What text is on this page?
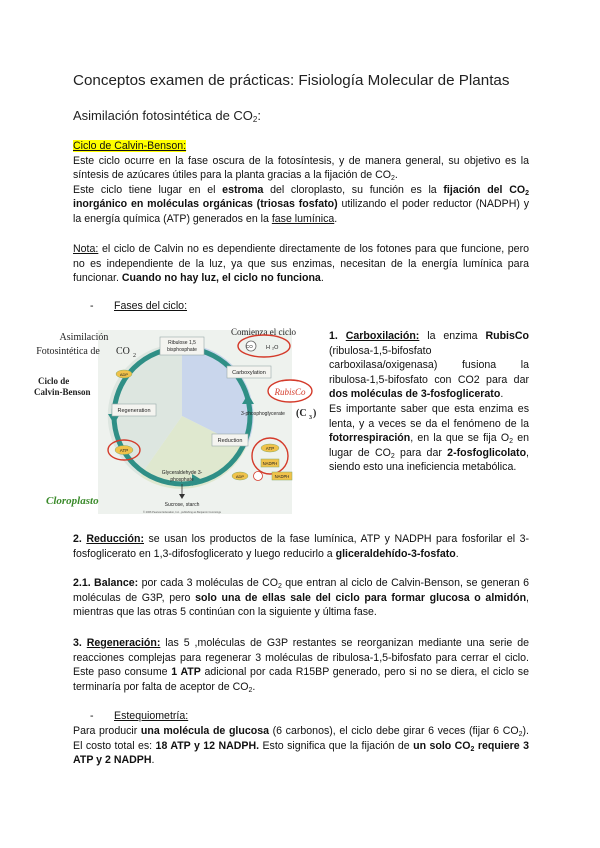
Conceptos examen de prácticas: Fisiología Molecular de Plantas
Asimilación fotosintética de $CO_2$:
Ciclo de Calvin-Benson:
Este ciclo ocurre en la fase oscura de la fotosíntesis, y de manera general, su objetivo es la síntesis de azúcares útiles para la planta gracias a la fijación de $CO_2$.
Este ciclo tiene lugar en el estroma del cloroplasto, su función es la fijación del $CO_2$ inorgánico en moléculas orgánicas (triosas fosfato) utilizando el poder reductor (NADPH) y la energía química (ATP) generados en la fase lumínica.
Nota: el ciclo de Calvin no es dependiente directamente de los fotones para que funcione, pero no es independiente de la luz, ya que sus enzimas, necesitan de la energía lumínica para funcionar. Cuando no hay luz, el ciclo no funciona.
- Fases del ciclo:
Asimilación
Fotosintética de CO 2
Ciclo de
Calvin-Benson
Comienza el ciclo
CO H ₂O
Ribulose 1,5
bisphosphate
Carboxylation
RubisCo
3-phosphoglycerate (C 3 )
Regeneration
ADP
ATP
Reduction
ATP
NADPH
Glyceraldehyde 3-
phosphate
Sucrose, starch
ADP	NADPH
Cloroplasto
© 2006 Pearson Education, Inc., publishing as Benjamin Cummings

1. Carboxilación: la enzima RubisCo (ribulosa-1,5-bifosfato carboxilasa/oxigenasa) fusiona la ribulosa-1,5-bifosfato con CO2 para dar dos moléculas de 3-fosfoglicerato.

Es importante saber que esta enzima es lenta, y a veces se da el fenómeno de la fotorrespiración, en la que se fija $O_2$ en lugar de $CO_2$ para dar 2-fosfoglicolato, siendo esto una ineficiencia metabólica.

2. Reducción: se usan los productos de la fase lumínica, ATP y NADPH para fosforilar el 3-fosfoglicerato en 1,3-difosfoglicerato y luego reducirlo a gliceraldehído-3-fosfato.
2.1. Balance: por cada 3 moléculas de $CO_2$ que entran al ciclo de Calvin-Benson, se generan 6 moléculas de G3P, pero solo una de ellas sale del ciclo para formar glucosa o almidón, mientras que las otras 5 continúan con la siguiente y última fase.
3. Regeneración: las 5 ,moléculas de G3P restantes se reorganizan mediante una serie de reacciones complejas para regenerar 3 moléculas de ribulosa-1,5-bifosfato para cerrar el ciclo. Este paso consume 1 ATP adicional por cada R15BP generado, pero si no se diera, el ciclo se terminaría por falta de aceptor de $CO_2$.
- Estequiometría:
Para producir una molécula de glucosa (6 carbonos), el ciclo debe girar 6 veces (fijar 6 $CO_2$). El costo total es: 18 ATP y 12 NADPH. Esto significa que la fijación de un solo $CO_2$ requiere 3 ATP y 2 NADPH.
